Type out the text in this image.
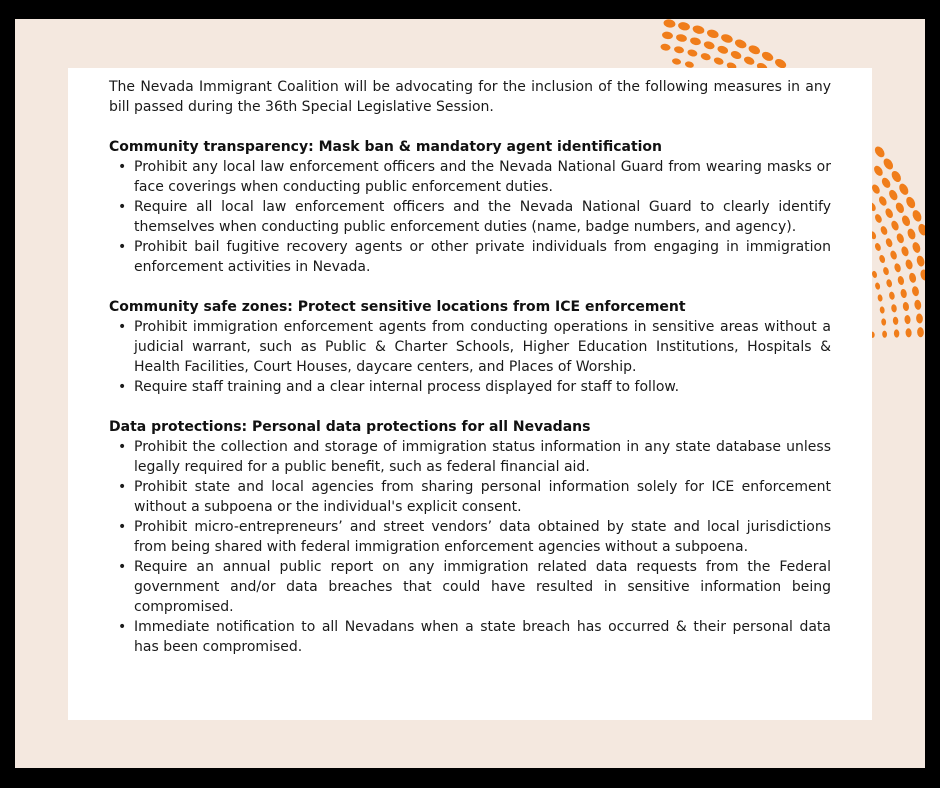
The Nevada Immigrant Coalition will be advocating for the inclusion of the following measures in any bill passed during the 36th Special Legislative Session.

Community transparency: Mask ban & mandatory agent identification
• Prohibit any local law enforcement officers and the Nevada National Guard from wearing masks or face coverings when conducting public enforcement duties.
• Require all local law enforcement officers and the Nevada National Guard to clearly identify themselves when conducting public enforcement duties (name, badge numbers, and agency).
• Prohibit bail fugitive recovery agents or other private individuals from engaging in immigration enforcement activities in Nevada.
Community safe zones: Protect sensitive locations from ICE enforcement
• Prohibit immigration enforcement agents from conducting operations in sensitive areas without a judicial warrant, such as Public & Charter Schools, Higher Education Institutions, Hospitals & Health Facilities, Court Houses, daycare centers, and Places of Worship.
• Require staff training and a clear internal process displayed for staff to follow.
Data protections: Personal data protections for all Nevadans
• Prohibit the collection and storage of immigration status information in any state database unless legally required for a public benefit, such as federal financial aid.
• Prohibit state and local agencies from sharing personal information solely for ICE enforcement without a subpoena or the individual's explicit consent.
• Prohibit micro-entrepreneurs’ and street vendors’ data obtained by state and local jurisdictions from being shared with federal immigration enforcement agencies without a subpoena.
• Require an annual public report on any immigration related data requests from the Federal government and/or data breaches that could have resulted in sensitive information being compromised.
• Immediate notification to all Nevadans when a state breach has occurred & their personal data has been compromised.
